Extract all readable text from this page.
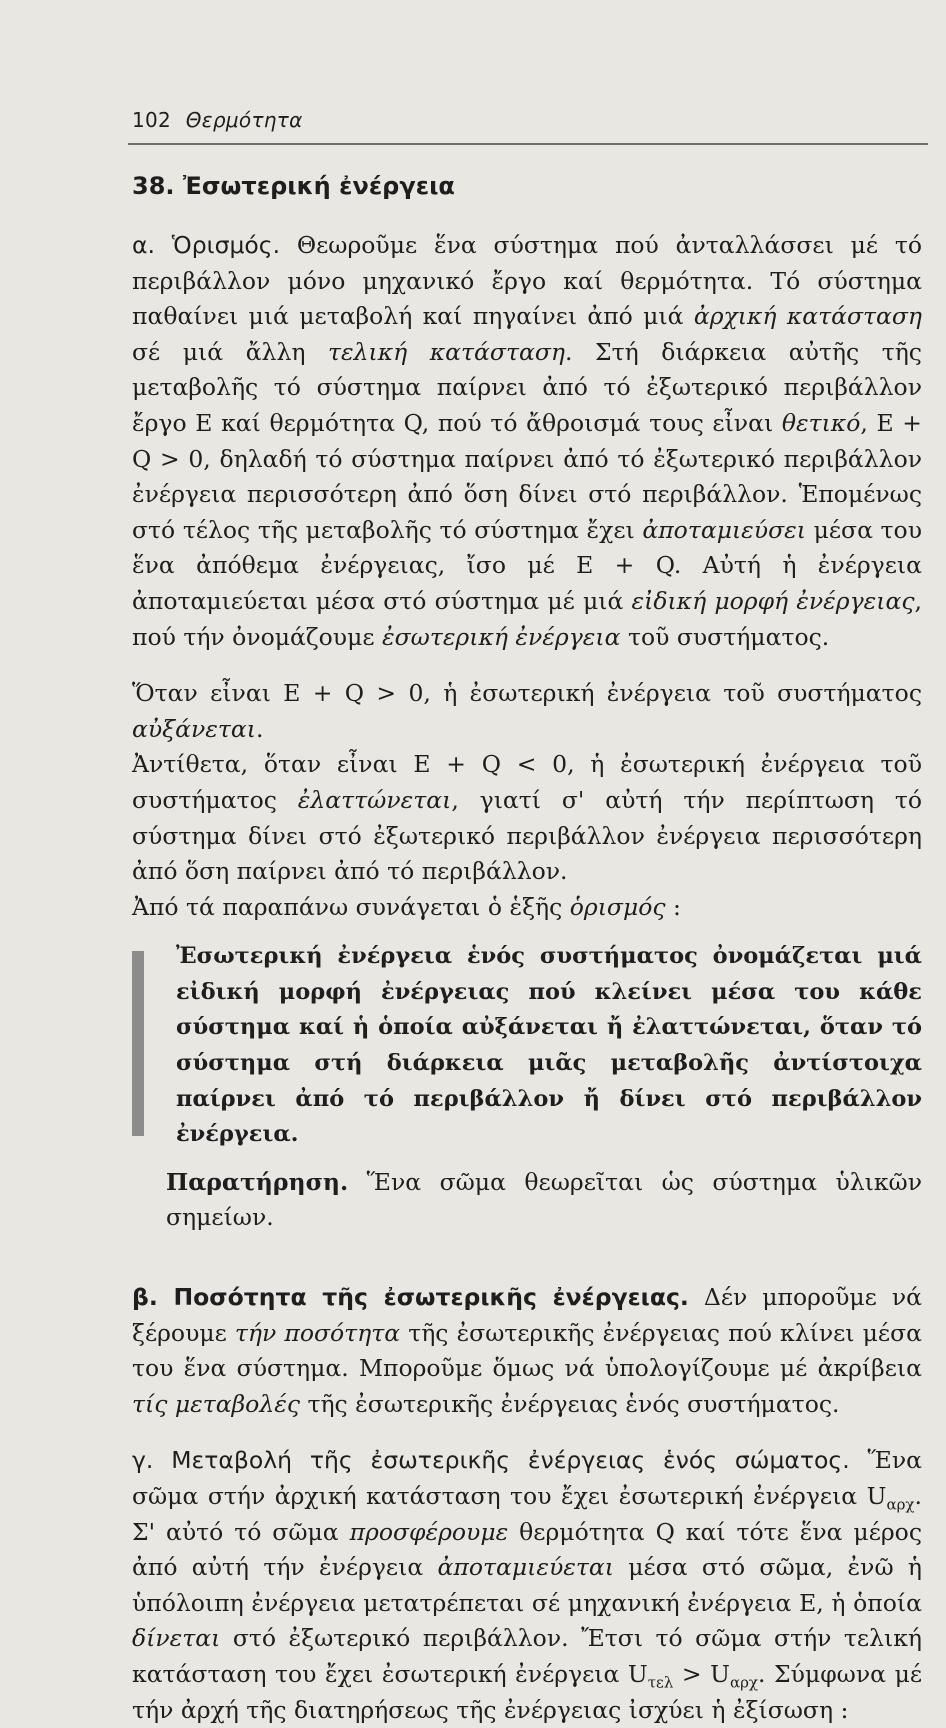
102 Θερμότητα
38. Ἐσωτερική ἐνέργεια

α. Ὁρισμός. Θεωροῦμε ἕνα σύστημα πού ἀνταλλάσσει μέ τό περιβάλλον μόνο μηχανικό ἔργο καί θερμότητα. Τό σύστημα παθαίνει μιά μεταβολή καί πηγαίνει ἀπό μιά ἀρχική κατάσταση σέ μιά ἄλλη τελική κατάσταση. Στή διάρκεια αὐτῆς τῆς μεταβολῆς τό σύστημα παίρνει ἀπό τό ἐξωτερικό περιβάλλον ἔργο Ε καί θερμότητα Q, πού τό ἄθροισμά τους εἶναι θετικό, Ε + Q > 0, δηλαδή τό σύστημα παίρνει ἀπό τό ἐξωτερικό περιβάλλον ἐνέργεια περισσότερη ἀπό ὅση δίνει στό περιβάλλον. Ἑπομένως στό τέλος τῆς μεταβολῆς τό σύστημα ἔχει ἀποταμιεύσει μέσα του ἕνα ἀπόθεμα ἐνέργειας, ἴσο μέ Ε + Q. Αὐτή ἡ ἐνέργεια ἀποταμιεύεται μέσα στό σύστημα μέ μιά εἰδική μορφή ἐνέργειας, πού τήν ὀνομάζουμε ἐσωτερική ἐνέργεια τοῦ συστήματος.

Ὅταν εἶναι Ε + Q > 0, ἡ ἐσωτερική ἐνέργεια τοῦ συστήματος αὐξάνεται.

Ἀντίθετα, ὅταν εἶναι Ε + Q < 0, ἡ ἐσωτερική ἐνέργεια τοῦ συστήματος ἐλαττώνεται, γιατί σ' αὐτή τήν περίπτωση τό σύστημα δίνει στό ἐξωτερικό περιβάλλον ἐνέργεια περισσότερη ἀπό ὅση παίρνει ἀπό τό περιβάλλον.

Ἀπό τά παραπάνω συνάγεται ὁ ἑξῆς ὁρισμός :

Ἐσωτερική ἐνέργεια ἑνός συστήματος ὀνομάζεται μιά εἰδική μορφή ἐνέργειας πού κλείνει μέσα του κάθε σύστημα καί ἡ ὁποία αὐξάνεται ἤ ἐλαττώνεται, ὅταν τό σύστημα στή διάρκεια μιᾶς μεταβολῆς ἀντίστοιχα παίρνει ἀπό τό περιβάλλον ἤ δίνει στό περιβάλλον ἐνέργεια.

Παρατήρηση. Ἕνα σῶμα θεωρεῖται ὡς σύστημα ὑλικῶν σημείων.

β. Ποσότητα τῆς ἐσωτερικῆς ἐνέργειας. Δέν μποροῦμε νά ξέρουμε τήν ποσότητα τῆς ἐσωτερικῆς ἐνέργειας πού κλίνει μέσα του ἕνα σύστημα. Μποροῦμε ὅμως νά ὑπολογίζουμε μέ ἀκρίβεια τίς μεταβολές τῆς ἐσωτερικῆς ἐνέργειας ἑνός συστήματος.

γ. Μεταβολή τῆς ἐσωτερικῆς ἐνέργειας ἑνός σώματος. Ἕνα σῶμα στήν ἀρχική κατάσταση του ἔχει ἐσωτερική ἐνέργεια $U_{\alpha\rho\chi}$. Σ' αὐτό τό σῶμα προσφέρουμε θερμότητα Q καί τότε ἕνα μέρος ἀπό αὐτή τήν ἐνέργεια ἀποταμιεύεται μέσα στό σῶμα, ἐνῶ ἡ ὑπόλοιπη ἐνέργεια μετατρέπεται σέ μηχανική ἐνέργεια Ε, ἡ ὁποία δίνεται στό ἐξωτερικό περιβάλλον. Ἔτσι τό σῶμα στήν τελική κατάσταση του ἔχει ἐσωτερική ἐνέργεια $U_{\tau\varepsilon\lambda} > U_{\alpha\rho\chi}$. Σύμφωνα μέ τήν ἀρχή τῆς διατηρήσεως τῆς ἐνέργειας ἰσχύει ἡ ἐξίσωση :
